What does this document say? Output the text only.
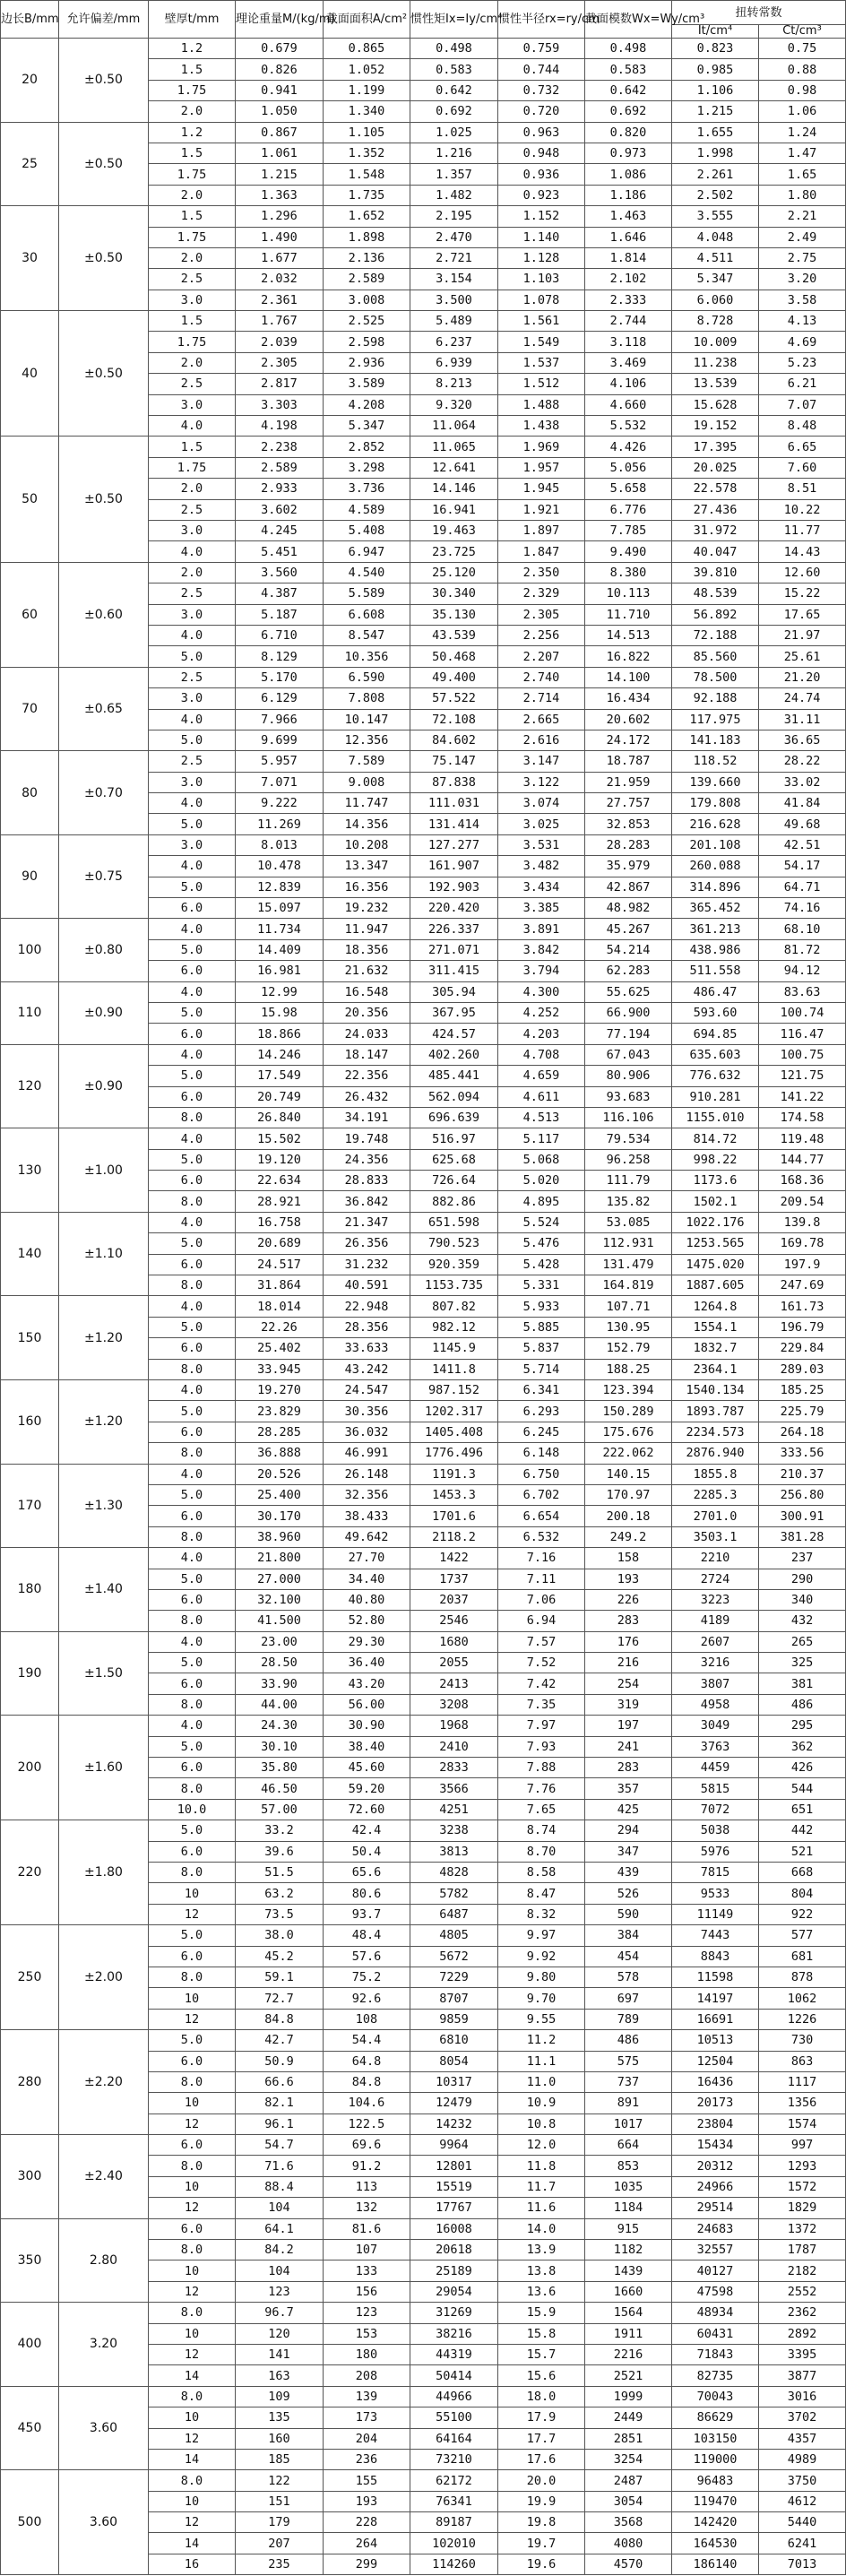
边长B/mm	允许偏差/mm	壁厚t/mm	理论重量M/(kg/m)	截面面积A/cm²	惯性矩Ix=Iy/cm⁴	惯性半径rx=ry/cm	截面模数Wx=Wy/cm³	扭转常数	
								It/cm⁴	Ct/cm³
20	±0.50	1.2	0.679	0.865	0.498	0.759	0.498	0.823	0.75
		1.5	0.826	1.052	0.583	0.744	0.583	0.985	0.88
		1.75	0.941	1.199	0.642	0.732	0.642	1.106	0.98
		2.0	1.050	1.340	0.692	0.720	0.692	1.215	1.06
25	±0.50	1.2	0.867	1.105	1.025	0.963	0.820	1.655	1.24
		1.5	1.061	1.352	1.216	0.948	0.973	1.998	1.47
		1.75	1.215	1.548	1.357	0.936	1.086	2.261	1.65
		2.0	1.363	1.735	1.482	0.923	1.186	2.502	1.80
30	±0.50	1.5	1.296	1.652	2.195	1.152	1.463	3.555	2.21
		1.75	1.490	1.898	2.470	1.140	1.646	4.048	2.49
		2.0	1.677	2.136	2.721	1.128	1.814	4.511	2.75
		2.5	2.032	2.589	3.154	1.103	2.102	5.347	3.20
		3.0	2.361	3.008	3.500	1.078	2.333	6.060	3.58
40	±0.50	1.5	1.767	2.525	5.489	1.561	2.744	8.728	4.13
		1.75	2.039	2.598	6.237	1.549	3.118	10.009	4.69
		2.0	2.305	2.936	6.939	1.537	3.469	11.238	5.23
		2.5	2.817	3.589	8.213	1.512	4.106	13.539	6.21
		3.0	3.303	4.208	9.320	1.488	4.660	15.628	7.07
		4.0	4.198	5.347	11.064	1.438	5.532	19.152	8.48
50	±0.50	1.5	2.238	2.852	11.065	1.969	4.426	17.395	6.65
		1.75	2.589	3.298	12.641	1.957	5.056	20.025	7.60
		2.0	2.933	3.736	14.146	1.945	5.658	22.578	8.51
		2.5	3.602	4.589	16.941	1.921	6.776	27.436	10.22
		3.0	4.245	5.408	19.463	1.897	7.785	31.972	11.77
		4.0	5.451	6.947	23.725	1.847	9.490	40.047	14.43
60	±0.60	2.0	3.560	4.540	25.120	2.350	8.380	39.810	12.60
		2.5	4.387	5.589	30.340	2.329	10.113	48.539	15.22
		3.0	5.187	6.608	35.130	2.305	11.710	56.892	17.65
		4.0	6.710	8.547	43.539	2.256	14.513	72.188	21.97
		5.0	8.129	10.356	50.468	2.207	16.822	85.560	25.61
70	±0.65	2.5	5.170	6.590	49.400	2.740	14.100	78.500	21.20
		3.0	6.129	7.808	57.522	2.714	16.434	92.188	24.74
		4.0	7.966	10.147	72.108	2.665	20.602	117.975	31.11
		5.0	9.699	12.356	84.602	2.616	24.172	141.183	36.65
80	±0.70	2.5	5.957	7.589	75.147	3.147	18.787	118.52	28.22
		3.0	7.071	9.008	87.838	3.122	21.959	139.660	33.02
		4.0	9.222	11.747	111.031	3.074	27.757	179.808	41.84
		5.0	11.269	14.356	131.414	3.025	32.853	216.628	49.68
90	±0.75	3.0	8.013	10.208	127.277	3.531	28.283	201.108	42.51
		4.0	10.478	13.347	161.907	3.482	35.979	260.088	54.17
		5.0	12.839	16.356	192.903	3.434	42.867	314.896	64.71
		6.0	15.097	19.232	220.420	3.385	48.982	365.452	74.16
100	±0.80	4.0	11.734	11.947	226.337	3.891	45.267	361.213	68.10
		5.0	14.409	18.356	271.071	3.842	54.214	438.986	81.72
		6.0	16.981	21.632	311.415	3.794	62.283	511.558	94.12
110	±0.90	4.0	12.99	16.548	305.94	4.300	55.625	486.47	83.63
		5.0	15.98	20.356	367.95	4.252	66.900	593.60	100.74
		6.0	18.866	24.033	424.57	4.203	77.194	694.85	116.47
120	±0.90	4.0	14.246	18.147	402.260	4.708	67.043	635.603	100.75
		5.0	17.549	22.356	485.441	4.659	80.906	776.632	121.75
		6.0	20.749	26.432	562.094	4.611	93.683	910.281	141.22
		8.0	26.840	34.191	696.639	4.513	116.106	1155.010	174.58
130	±1.00	4.0	15.502	19.748	516.97	5.117	79.534	814.72	119.48
		5.0	19.120	24.356	625.68	5.068	96.258	998.22	144.77
		6.0	22.634	28.833	726.64	5.020	111.79	1173.6	168.36
		8.0	28.921	36.842	882.86	4.895	135.82	1502.1	209.54
140	±1.10	4.0	16.758	21.347	651.598	5.524	53.085	1022.176	139.8
		5.0	20.689	26.356	790.523	5.476	112.931	1253.565	169.78
		6.0	24.517	31.232	920.359	5.428	131.479	1475.020	197.9
		8.0	31.864	40.591	1153.735	5.331	164.819	1887.605	247.69
150	±1.20	4.0	18.014	22.948	807.82	5.933	107.71	1264.8	161.73
		5.0	22.26	28.356	982.12	5.885	130.95	1554.1	196.79
		6.0	25.402	33.633	1145.9	5.837	152.79	1832.7	229.84
		8.0	33.945	43.242	1411.8	5.714	188.25	2364.1	289.03
160	±1.20	4.0	19.270	24.547	987.152	6.341	123.394	1540.134	185.25
		5.0	23.829	30.356	1202.317	6.293	150.289	1893.787	225.79
		6.0	28.285	36.032	1405.408	6.245	175.676	2234.573	264.18
		8.0	36.888	46.991	1776.496	6.148	222.062	2876.940	333.56
170	±1.30	4.0	20.526	26.148	1191.3	6.750	140.15	1855.8	210.37
		5.0	25.400	32.356	1453.3	6.702	170.97	2285.3	256.80
		6.0	30.170	38.433	1701.6	6.654	200.18	2701.0	300.91
		8.0	38.960	49.642	2118.2	6.532	249.2	3503.1	381.28
180	±1.40	4.0	21.800	27.70	1422	7.16	158	2210	237
		5.0	27.000	34.40	1737	7.11	193	2724	290
		6.0	32.100	40.80	2037	7.06	226	3223	340
		8.0	41.500	52.80	2546	6.94	283	4189	432
190	±1.50	4.0	23.00	29.30	1680	7.57	176	2607	265
		5.0	28.50	36.40	2055	7.52	216	3216	325
		6.0	33.90	43.20	2413	7.42	254	3807	381
		8.0	44.00	56.00	3208	7.35	319	4958	486
200	±1.60	4.0	24.30	30.90	1968	7.97	197	3049	295
		5.0	30.10	38.40	2410	7.93	241	3763	362
		6.0	35.80	45.60	2833	7.88	283	4459	426
		8.0	46.50	59.20	3566	7.76	357	5815	544
		10.0	57.00	72.60	4251	7.65	425	7072	651
220	±1.80	5.0	33.2	42.4	3238	8.74	294	5038	442
		6.0	39.6	50.4	3813	8.70	347	5976	521
		8.0	51.5	65.6	4828	8.58	439	7815	668
		10	63.2	80.6	5782	8.47	526	9533	804
		12	73.5	93.7	6487	8.32	590	11149	922
250	±2.00	5.0	38.0	48.4	4805	9.97	384	7443	577
		6.0	45.2	57.6	5672	9.92	454	8843	681
		8.0	59.1	75.2	7229	9.80	578	11598	878
		10	72.7	92.6	8707	9.70	697	14197	1062
		12	84.8	108	9859	9.55	789	16691	1226
280	±2.20	5.0	42.7	54.4	6810	11.2	486	10513	730
		6.0	50.9	64.8	8054	11.1	575	12504	863
		8.0	66.6	84.8	10317	11.0	737	16436	1117
		10	82.1	104.6	12479	10.9	891	20173	1356
		12	96.1	122.5	14232	10.8	1017	23804	1574
300	±2.40	6.0	54.7	69.6	9964	12.0	664	15434	997
		8.0	71.6	91.2	12801	11.8	853	20312	1293
		10	88.4	113	15519	11.7	1035	24966	1572
		12	104	132	17767	11.6	1184	29514	1829
350	2.80	6.0	64.1	81.6	16008	14.0	915	24683	1372
		8.0	84.2	107	20618	13.9	1182	32557	1787
		10	104	133	25189	13.8	1439	40127	2182
		12	123	156	29054	13.6	1660	47598	2552
400	3.20	8.0	96.7	123	31269	15.9	1564	48934	2362
		10	120	153	38216	15.8	1911	60431	2892
		12	141	180	44319	15.7	2216	71843	3395
		14	163	208	50414	15.6	2521	82735	3877
450	3.60	8.0	109	139	44966	18.0	1999	70043	3016
		10	135	173	55100	17.9	2449	86629	3702
		12	160	204	64164	17.7	2851	103150	4357
		14	185	236	73210	17.6	3254	119000	4989
500	3.60	8.0	122	155	62172	20.0	2487	96483	3750
		10	151	193	76341	19.9	3054	119470	4612
		12	179	228	89187	19.8	3568	142420	5440
		14	207	264	102010	19.7	4080	164530	6241
		16	235	299	114260	19.6	4570	186140	7013
